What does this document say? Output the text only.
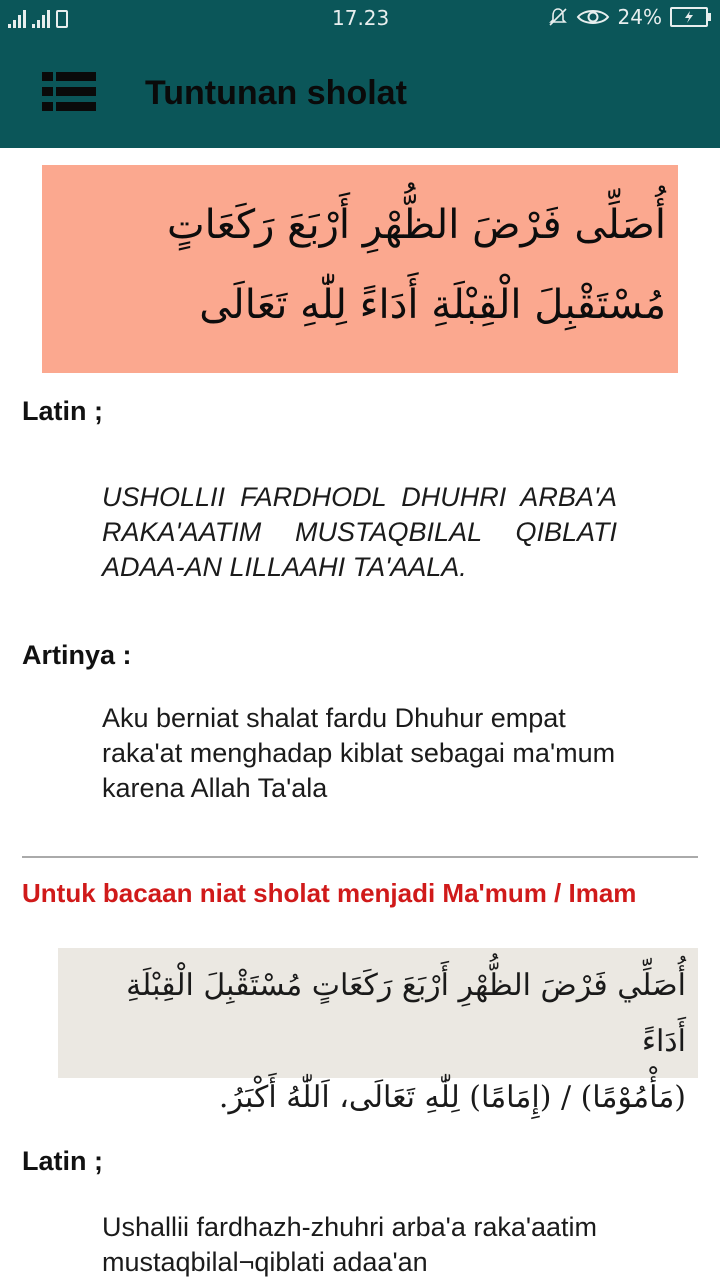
17.23	24%
Tuntunan sholat
أُصَلِّى فَرْضَ الظُّهْرِ أَرْبَعَ رَكَعَاتٍ
مُسْتَقْبِلَ الْقِبْلَةِ أَدَاءً لِلّٰهِ تَعَالَى
Latin ;
USHOLLII FARDHODL DHUHRI ARBA'A RAKA'AATIM MUSTAQBILAL QIBLATI ADAA-AN LILLAAHI TA'AALA.
Artinya :
Aku berniat shalat fardu Dhuhur empat raka'at menghadap kiblat sebagai ma'mum karena Allah Ta'ala
Untuk bacaan niat sholat menjadi Ma'mum / Imam
أُصَلِّي فَرْضَ الظُّهْرِ أَرْبَعَ رَكَعَاتٍ مُسْتَقْبِلَ الْقِبْلَةِ أَدَاءً
(مَأْمُوْمًا) / (إِمَامًا) لِلّٰهِ تَعَالَى، اَللّٰهُ أَكْبَرُ.
Latin ;
Ushallii fardhazh-zhuhri arba'a raka'aatim mustaqbilal¬qiblati adaa'an
